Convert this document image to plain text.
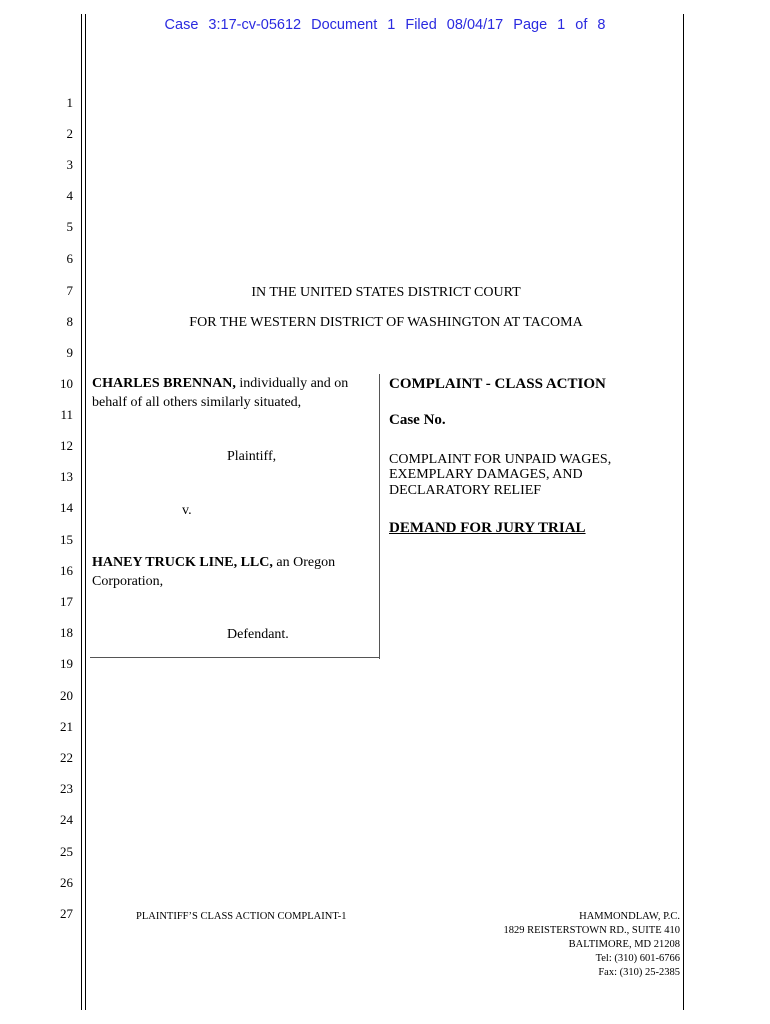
Case 3:17-cv-05612 Document 1 Filed 08/04/17 Page 1 of 8
1
2
3
4
5
6
7
8
9
10
11
12
13
14
15
16
17
18
19
20
21
22
23
24
25
26
27
IN THE UNITED STATES DISTRICT COURT
FOR THE WESTERN DISTRICT OF WASHINGTON AT TACOMA
CHARLES BRENNAN, individually and on
behalf of all others similarly situated,
Plaintiff,
v.
HANEY TRUCK LINE, LLC, an Oregon
Corporation,
Defendant.
COMPLAINT - CLASS ACTION
Case No.
COMPLAINT FOR UNPAID WAGES,
EXEMPLARY DAMAGES, AND
DECLARATORY RELIEF
DEMAND FOR JURY TRIAL
PLAINTIFF’S CLASS ACTION COMPLAINT-1	HAMMONDLAW, P.C.
1829 REISTERSTOWN RD., SUITE 410
BALTIMORE, MD 21208
Tel: (310) 601-6766
Fax: (310) 25-2385
